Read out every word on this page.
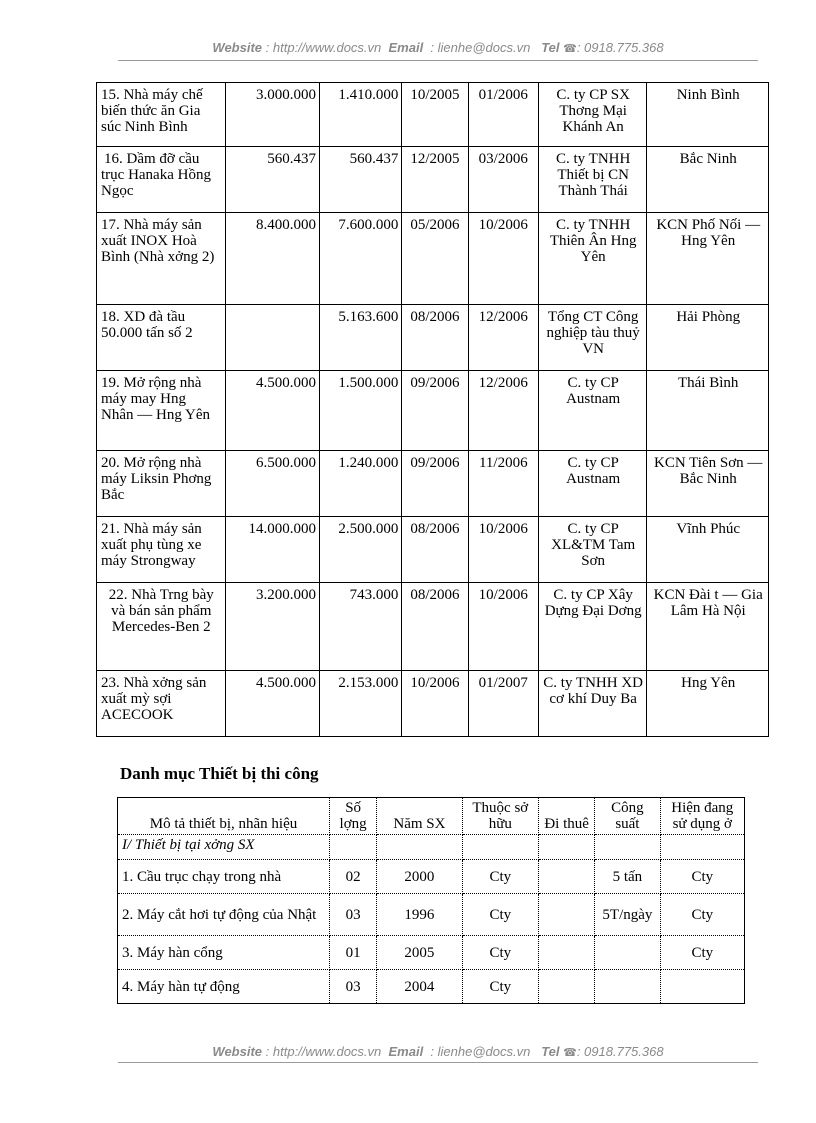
Website : http://www.docs.vn Email : lienhe@docs.vn Tel ☎: 0918.775.368
15. Nhà máy chế biến thức ăn Gia súc Ninh Bình	3.000.000	1.410.000	10/2005	01/2006	C. ty CP SX Thơng Mại Khánh An	Ninh Bình
16. Dầm đỡ cầu trục Hanaka Hồng Ngọc	560.437	560.437	12/2005	03/2006	C. ty TNHH Thiết bị CN Thành Thái	Bắc Ninh
17. Nhà máy sản xuất INOX Hoà Bình (Nhà xởng 2)	8.400.000	7.600.000	05/2006	10/2006	C. ty TNHH Thiên Ân Hng Yên	KCN Phố Nối — Hng Yên
18. XD đà tầu 50.000 tấn số 2		5.163.600	08/2006	12/2006	Tổng CT Công nghiệp tàu thuỷ VN	Hải Phòng
19. Mở rộng nhà máy may Hng Nhân — Hng Yên	4.500.000	1.500.000	09/2006	12/2006	C. ty CP Austnam	Thái Bình
20. Mở rộng nhà máy Liksin Phơng Bắc	6.500.000	1.240.000	09/2006	11/2006	C. ty CP Austnam	KCN Tiên Sơn — Bắc Ninh
21. Nhà máy sản xuất phụ tùng xe máy Strongway	14.000.000	2.500.000	08/2006	10/2006	C. ty CP XL&TM Tam Sơn	Vĩnh Phúc
22. Nhà Trng bày và bán sản phẩm Mercedes-Ben 2	3.200.000	743.000	08/2006	10/2006	C. ty CP Xây Dựng Đại Dơng	KCN Đài t — Gia Lâm Hà Nội
23. Nhà xởng sản xuất mỳ sợi ACECOOK	4.500.000	2.153.000	10/2006	01/2007	C. ty TNHH XD cơ khí Duy Ba	Hng Yên
Danh mục Thiết bị thi công
Mô tả thiết bị, nhãn hiệu	Số lợng	Năm SX	Thuộc sở hữu	Đi thuê	Công suất	Hiện đang sử dụng ở
I/ Thiết bị tại xởng SX						
1. Cầu trục chạy trong nhà	02	2000	Cty		5 tấn	Cty
2. Máy cắt hơi tự động của Nhật	03	1996	Cty		5T/ngày	Cty
3. Máy hàn cổng	01	2005	Cty			Cty
4. Máy hàn tự động	03	2004	Cty			
Website : http://www.docs.vn Email : lienhe@docs.vn Tel ☎: 0918.775.368
